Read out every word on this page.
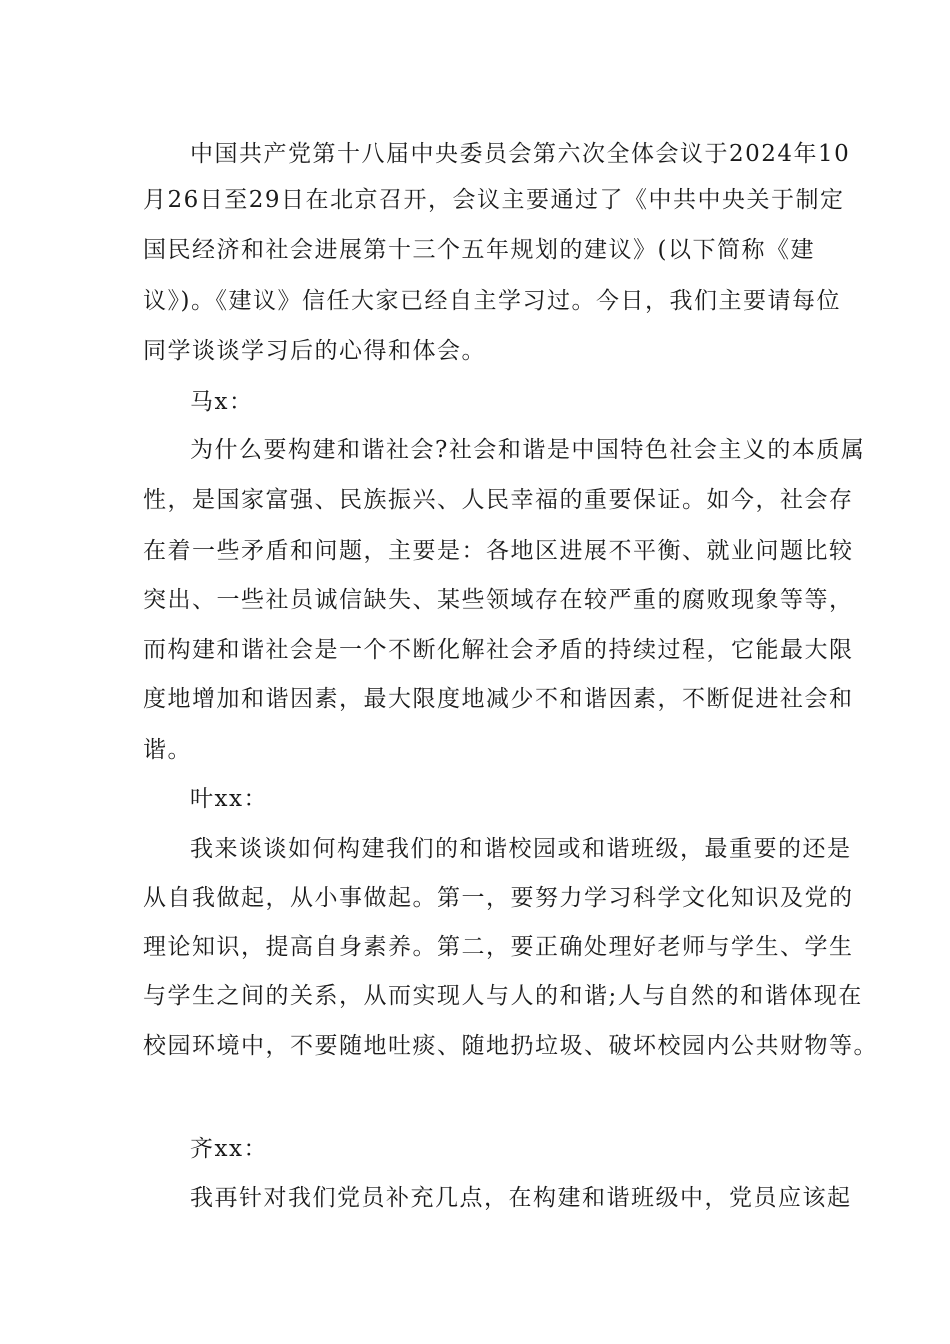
中国共产党第十八届中央委员会第六次全体会议于2024年10
月26日至29日在北京召开，会议主要通过了《中共中央关于制定
国民经济和社会进展第十三个五年规划的建议》(以下简称《建
议》)。《建议》信任大家已经自主学习过。今日，我们主要请每位
同学谈谈学习后的心得和体会。
马x：
为什么要构建和谐社会?社会和谐是中国特色社会主义的本质属
性，是国家富强、民族振兴、人民幸福的重要保证。如今，社会存
在着一些矛盾和问题，主要是：各地区进展不平衡、就业问题比较
突出、一些社员诚信缺失、某些领域存在较严重的腐败现象等等，
而构建和谐社会是一个不断化解社会矛盾的持续过程，它能最大限
度地增加和谐因素，最大限度地减少不和谐因素，不断促进社会和
谐。
叶xx：
我来谈谈如何构建我们的和谐校园或和谐班级，最重要的还是
从自我做起，从小事做起。第一，要努力学习科学文化知识及党的
理论知识，提高自身素养。第二，要正确处理好老师与学生、学生
与学生之间的关系，从而实现人与人的和谐;人与自然的和谐体现在
校园环境中，不要随地吐痰、随地扔垃圾、破坏校园内公共财物等。
齐xx：
我再针对我们党员补充几点，在构建和谐班级中，党员应该起
